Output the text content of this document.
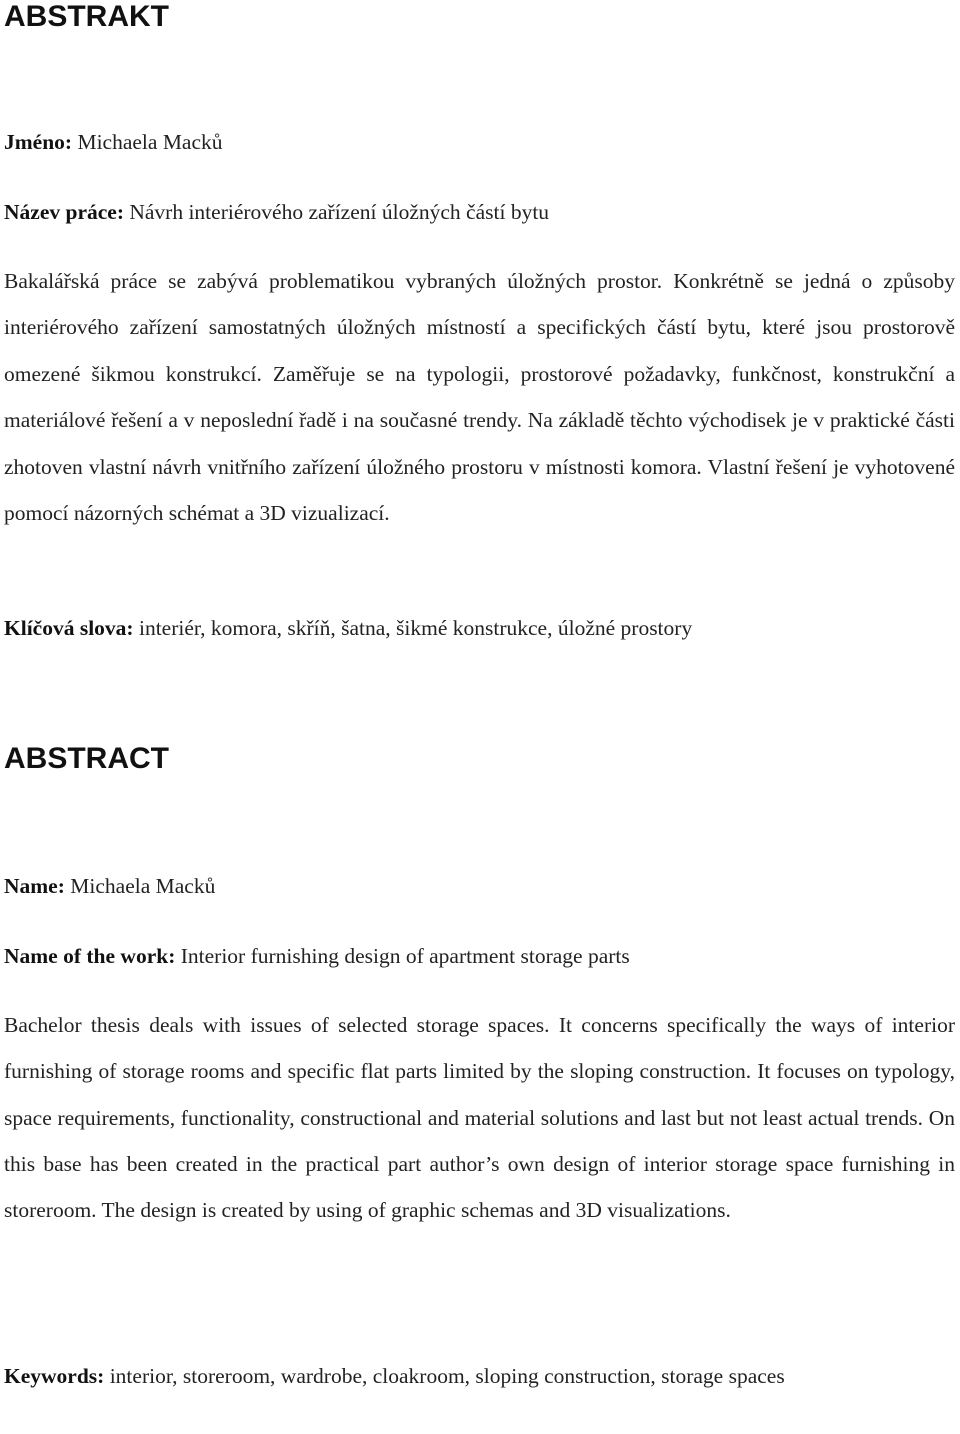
ABSTRAKT

Jméno: Michaela Macků

Název práce: Návrh interiérového zařízení úložných částí bytu

Bakalářská práce se zabývá problematikou vybraných úložných prostor. Konkrétně se jedná o způsoby interiérového zařízení samostatných úložných místností a specifických částí bytu, které jsou prostorově omezené šikmou konstrukcí. Zaměřuje se na typologii, prostorové požadavky, funkčnost, konstrukční a materiálové řešení a v neposlední řadě i na současné trendy. Na základě těchto východisek je v praktické části zhotoven vlastní návrh vnitřního zařízení úložného prostoru v místnosti komora. Vlastní řešení je vyhotovené pomocí názorných schémat a 3D vizualizací.

Klíčová slova: interiér, komora, skříň, šatna, šikmé konstrukce, úložné prostory

ABSTRACT

Name: Michaela Macků

Name of the work: Interior furnishing design of apartment storage parts

Bachelor thesis deals with issues of selected storage spaces. It concerns specifically the ways of interior furnishing of storage rooms and specific flat parts limited by the sloping construction. It focuses on typology, space requirements, functionality, constructional and material solutions and last but not least actual trends. On this base has been created in the practical part author’s own design of interior storage space furnishing in storeroom. The design is created by using of graphic schemas and 3D visualizations.

Keywords: interior, storeroom, wardrobe, cloakroom, sloping construction, storage spaces
